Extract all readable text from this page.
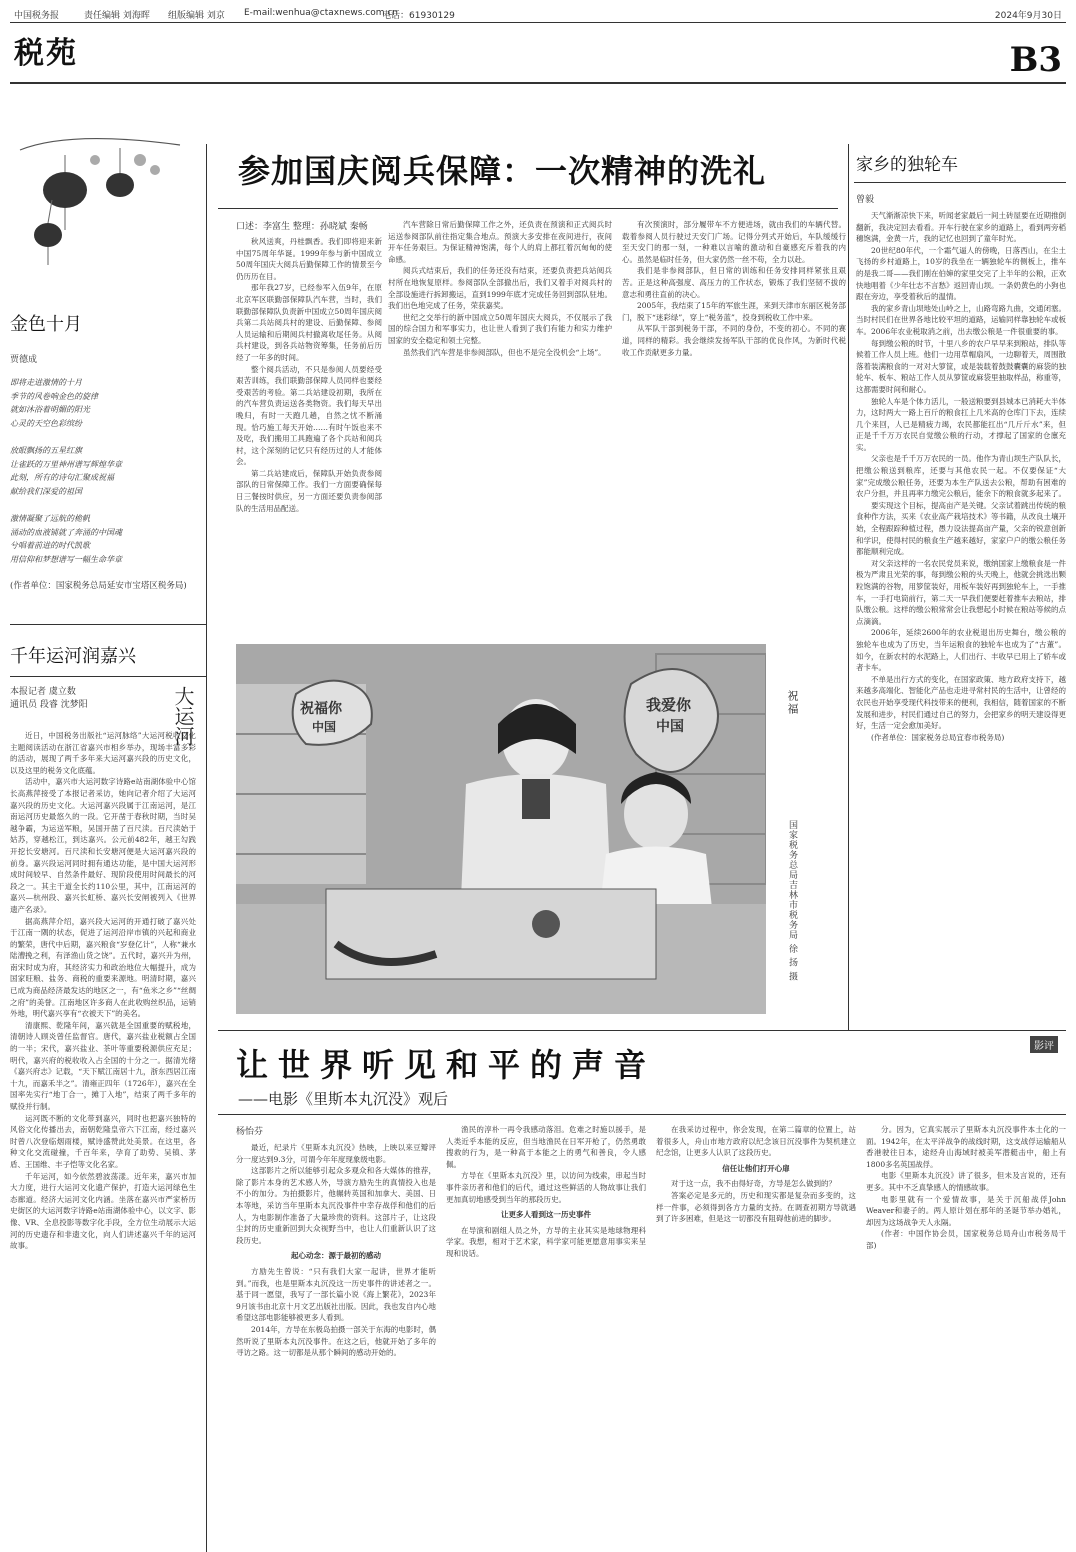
中国税务报	责任编辑 刘海晖 组版编辑 刘京 E-mail:wenhua@ctaxnews.com.cn
电话：61930129	2024年9月30日
税苑	B3
金色十月
贾德成
即将走进激情的十月
季节的风卷响金色的旋律
就如沐浴着明媚的阳光
心灵的天空色彩缤纷
放眼飘扬的五星红旗
让雀跃的万里神州谱写辉煌华章
此刻，所有的诗句汇聚成祝福
献给我们深爱的祖国
激情凝聚了远航的桅帆
涌动的血液铺就了奔涌的中国魂
兮唱着前进的时代凯歌
用信仰和梦想谱写一幅生命华章
(作者单位：国家税务总局延安市宝塔区税务局)
千年运河润嘉兴
本报记者 虞立数
通讯员 段睿 沈梦阳	大运河

近日，中国税务出版社“运河脉络”大运河税收文化主题阅读活动在浙江省嘉兴市相乡举办，现场丰富多彩的活动，展现了两千多年来大运河嘉兴段的历史文化，以及这里的税务文化底蕴。

活动中，嘉兴市大运河数字诗路e站南湖体验中心馆长高燕萍接受了本报记者采访，她向记者介绍了大运河嘉兴段的历史文化。大运河嘉兴段属于江南运河，是江南运河历史最悠久的一段。它开凿于春秋时期，当时吴越争霸，为运送军粮，吴国开凿了百尺渎。百尺渎始于姑苏，穿越松江，到达嘉兴。公元前482年，越王勾践开挖长安塘河。百尺渎和长安塘河便是大运河嘉兴段的前身。嘉兴段运河同时拥有通达功能，是中国大运河形成时间较早、自然条件最好、现阶段使用时间最长的河段之一。其主干道全长约110公里，其中，江南运河的嘉兴—杭州段、嘉兴长虹桥、嘉兴长安闸被列入《世界遗产名录》。

据高燕萍介绍，嘉兴段大运河的开通打破了嘉兴处于江南一隅的状态，促进了运河沿岸市镇的兴起和商业的繁荣，唐代中后期，嘉兴粮食“岁登亿计”，人称“兼水陆漕挽之利，有泽渔山货之饶”。五代时，嘉兴升为州，南宋时成为府，其经济实力和政治地位大幅提升，成为国家旺粮、盐务、商税的重要来源地。明清时期，嘉兴已成为商品经济最发达的地区之一，有“鱼米之乡”“丝绸之府”的美誉。江南地区许多商人在此收购丝织品，运销外地，明代嘉兴享有“衣被天下”的美名。

清康熙、乾隆年间，嘉兴就是全国重要的赋税地，清朝诗人顾炎曾任监督官。唐代，嘉兴盐业税额占全国的一半；宋代，嘉兴盐业、茶叶等重要税源供应充足；明代，嘉兴府的税收收入占全国的十分之一。据清光绪《嘉兴府志》记载，“天下赋江南居十九，浙东西居江南十九，而嘉禾半之”。清雍正四年（1726年），嘉兴在全国率先实行“地丁合一，摊丁入地”，结束了两千多年的赋役并行制。

运河既不断的文化带到嘉兴，同时也把嘉兴独特的风俗文化传播出去，南朝乾隆皇帝六下江南，经过嘉兴时曾八次登临烟雨楼，赋诗盛赞此处美景。在这里，各种文化交流碰撞，千百年来，孕育了助势、吴镇、茅盾、王国维、丰子恺等文化名家。

千年运河，如今依然碧波荡漾。近年来，嘉兴市加大力度，进行大运河文化遗产保护，打造大运河绿色生态廊道。经济大运河文化内涵。坐落在嘉兴市严家桥历史街区的大运河数字诗路e站南湖体验中心，以文字、影像、VR、全息投影等数字化手段，全方位生动展示大运河的历史遗存和非遗文化，向人们讲述嘉兴千年的运河故事。

参加国庆阅兵保障：一次精神的洗礼
口述：李富生 整理：孙晓斌 秦畅

秋风送爽，丹桂飘香。我们即将迎来新中国75周年华诞。1999年参与新中国成立50周年国庆大阅兵后勤保障工作的情景至今仍历历在目。

那年我27岁，已经参军入伍9年，在原北京军区联勤部保障队汽车营，当时，我们联勤部保障队负责新中国成立50周年国庆阅兵第二兵站阅兵村的建设、后勤保障、参阅人员运输和后期阅兵村撤离收尾任务。从阅兵村建设，到各兵站物资筹集，任务前后历经了一年多的时间。

整个阅兵活动，不只是参阅人员要经受艰苦训练，我们联勤部保障人员同样也要经受艰苦的考验。第二兵站建设初期，我所在的汽车营负责运送各类物资。我们每天早出晚归，有时一天跑几趟，自然之忧不断涌现。恰巧施工每天开始……有时午饭也来不及吃，我们搬用工具跑遍了各个兵站和阅兵村，这个深刻的记忆只有经历过的人才能体会。

第二兵站建成后，保障队开始负责参阅部队的日常保障工作。我们一方面要确保每日三餐按时供应，另一方面还要负责参阅部队的生活用品配送。

汽车营除日常后勤保障工作之外，还负责在预演和正式阅兵时运送参阅部队前往指定集合地点。预演大多安排在夜间进行，夜间开车任务艰巨。为保证精神饱满，每个人的肩上都扛着沉甸甸的使命感。

阅兵式结束后，我们的任务还没有结束，还要负责把兵站阅兵村所在地恢复原样。参阅部队全部撤出后，我们又着手对阅兵村的全部设施进行拆卸搬运，直到1999年底才完成任务回到部队驻地。我们出色地完成了任务，荣获嘉奖。

世纪之交举行的新中国成立50周年国庆大阅兵，不仅展示了我国的综合国力和军事实力，也让世人看到了我们有能力和实力维护国家的安全稳定和领土完整。

虽然我们汽车营是非参阅部队，但也不是完全没机会“上场”。

有次预演时，部分履带车不方便进场，就由我们的车辆代替。载着参阅人员行驶过天安门广场。记得分列式开始后，车队缓缓行至天安门的那一刻，一种难以言喻的激动和自豪感充斥着我的内心。虽然是临时任务，但大家仍然一丝不苟，全力以赴。

我们是非参阅部队，但日常的训练和任务安排同样紧张且艰苦。正是这种高强度、高压力的工作状态，锻炼了我们坚韧不拔的意志和勇往直前的决心。

2005年，我结束了15年的军旅生涯，来到天津市东丽区税务部门，脱下“迷彩绿”，穿上“税务蓝”，投身到税收工作中来。

从军队干部到税务干部，不同的身份，不变的初心。不同的赛道，同样的精彩。我会继续发扬军队干部的优良作风，为新时代税收工作贡献更多力量。

家乡的独轮车
曾毅

天气渐渐凉快下来，听闻老家最后一间土砖屋要在近期推倒翻新，我决定回去看看。开车行驶在家乡的道路上，看到两旁稻穗饱满，金黄一片，我的记忆也回到了童年时光。

20世纪80年代，一个霜气逼人的傍晚，日落西山，在尘土飞扬的乡村道路上，10岁的我坐在一辆独轮车的侧板上，推车的是我二哥——我们刚在伯婶的家里交完了上半年的公粮，正欢快地唱着《少年壮志不言愁》返回青山坝。一条奶黄色的小狗也跟在旁边，享受着秋后的温情。

我的家乡青山坝地处山岭之上，山路弯路九曲，交通闭塞。当时村民们在世界各地比较平坦的道路，运输同样靠独轮车或板车。2006年农业税取消之前，出去缴公粮是一件很重要的事。

每到缴公粮的时节，十里八乡的农户早早来到粮站，排队等候着工作人员上班。他们一边用草帽扇风，一边聊着天，周围散落着装满粮食的一对对大箩筐，或是装载着鼓鼓囊囊的麻袋的独轮车、板车、粮站工作人员从箩筐或麻袋里抽取样品，称重等，这都需要时间和耐心。

独轮人车是个体力活儿，一般送粮要到县城本已消耗大半体力，这时两大一路上百斤的粮食扛上几米高的仓库门下去，连续几个来回，人已是精疲力竭，农民都能扛出“几斤斤水”来，但正是千千万万农民自觉缴公粮的行动，才撑起了国家的仓廪充实。

父亲也是千千万万农民的一员。他作为青山坝生产队队长，把缴公粮送到粮库，还要与其他农民一起。不仅要保证“大家”完成缴公粮任务，还要为本生产队送去公粮，帮助有困难的农户分担，并且再率力缴完公粮后，能余下的粮食就多起来了。

要实现这个目标，提高亩产是关键。父亲试着跳出传统的粮食种作方法，买来《农业高产栽培技术》等书籍，从改良土壤开始，全程跟踪种植过程，愚力设法提高亩产量，父亲的锐意创新和学识，使得村民的粮食生产越来越好，家家户户的缴公粮任务都能顺利完成。

对父亲这样的一名农民党员来说，缴纳国家上缴粮食是一件极为严肃且光荣的事，每到缴公粮的头天晚上，他就会挑选出颗粒饱满的谷物，用箩筐装好，用板车装好再到独轮车上，一手推车，一手打电筒前行，第二天一早我们便要赶着推车去粮站，排队缴公粮。这样的缴公粮常常会让我想起小时候在粮站等候的点点滴滴。

2006年，延续2600年的农业税退出历史舞台，缴公粮的独轮车也成为了历史，当年运粮食的独轮车也成为了“古董”。如今，在新农村的水泥路上，人们出行、丰收早已用上了轿车或者卡车。

不单是出行方式的变化，在国家政策、地方政府支持下，越来越多高端化、智能化产品也走进寻常村民的生活中，让曾经的农民也开始享受现代科技带来的便利，我相信，随着国家的不断发展和进步，村民们通过自己的努力，会把家乡的明天建设得更好，生活一定会愈加美好。

(作者单位：国家税务总局宜春市税务局)

祝福你
中国
我爱你
中国
祝福
国家税务总局吉林市税务局 徐 扬 摄
影评
让世界听见和平的声音
——电影《里斯本丸沉没》观后
杨怡芬

最近，纪录片《里斯本丸沉没》热映，上映以来豆瓣评分一度达到9.3分，可谓今年年度现象级电影。

这部影片之所以能够引起众多观众和各大媒体的推荐，除了影片本身的艺术感人外，导演方励先生的真情投入也是不小的加分。为拍摄影片，他辗转英国和加拿大、美国、日本等地，采访当年里斯本丸沉没事件中幸存战俘和他们的后人，为电影制作准备了大量珍贵的资料。这部片子，让这段尘封的历史重新回到大众视野当中，也让人们重新认识了这段历史。

起心动念：源于最初的感动

方励先生曾说：“只有我们大家一起讲，世界才能听到。”而我，也是里斯本丸沉没这一历史事件的讲述者之一。基于同一愿望，我写了一部长篇小说《海上繁花》，2023年9月该书由北京十月文艺出版社出版。因此，我也发自内心地希望这部电影能够被更多人看到。

2014年，方导在东极岛拍摄一部关于东海的电影时，偶然听说了里斯本丸沉没事件。在这之后，他就开始了多年的寻访之路。这一切都是从那个瞬间的感动开始的。

渔民的淳朴一再令我感动落泪。危难之时施以援手，是人类近乎本能的反应，但当地渔民在日军开枪了，仍然勇敢搜救的行为，是一种高于本能之上的勇气和善良，令人感佩。

方导在《里斯本丸沉没》里，以访问为线索，串起当时事件亲历者和他们的后代，通过这些鲜活的人物故事让我们更加真切地感受到当年的那段历史。

让更多人看到这一历史事件

在导演和剧组人员之外，方导的主业其实是地球物理科学家。我想，相对于艺术家，科学家可能更愿意用事实来呈现和说话。

在我采访过程中，你会发现，在第二篇章的位置上，站着很多人，舟山市地方政府以纪念该日沉没事件为契机建立纪念馆，让更多人认识了这段历史。

信任让他们打开心扉

对于这一点，我不由得好奇，方导是怎么做到的？

答案必定是多元的，历史和现实都是复杂而多变的，这样一件事，必须得到各方力量的支持。在调查初期方导就遇到了许多困难，但是这一切都没有阻碍他前进的脚步。

分。因为，它真实展示了里斯本丸沉没事件本土化的一面。1942年，在太平洋战争的战线时期，这支战俘运输船从香港驶往日本，途经舟山海域时被美军潜艇击中，船上有1800多名英国战俘。

电影《里斯本丸沉没》讲了很多，但未及言说的，还有更多。其中不乏真挚感人的情感故事。

电影里就有一个爱情故事，是关于沉船战俘John Weaver和妻子的。两人原计划在那年的圣诞节举办婚礼，却因为这场战争天人永隔。

(作者：中国作协会员，国家税务总局舟山市税务局干部)
